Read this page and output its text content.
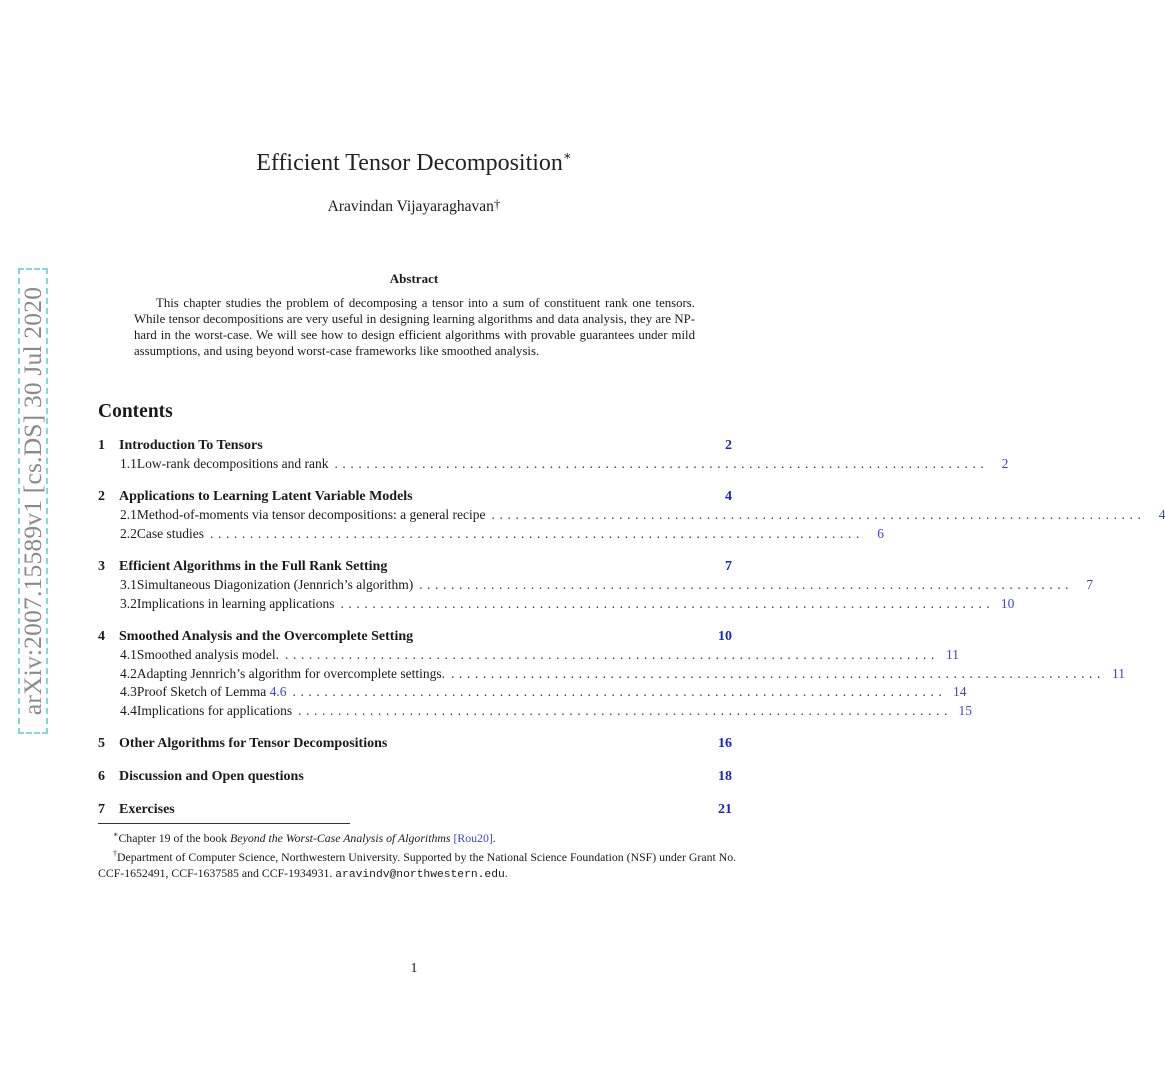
arXiv:2007.15589v1 [cs.DS] 30 Jul 2020
Efficient Tensor Decomposition∗
Aravindan Vijayaraghavan†
Abstract
This chapter studies the problem of decomposing a tensor into a sum of constituent rank one tensors. While tensor decompositions are very useful in designing learning algorithms and data analysis, they are NP-hard in the worst-case. We will see how to design efficient algorithms with provable guarantees under mild assumptions, and using beyond worst-case frameworks like smoothed analysis.
Contents
1	Introduction To Tensors	2
1.1 Low-rank decompositions and rank .................................................................................. 2
2	Applications to Learning Latent Variable Models	4
2.1 Method-of-moments via tensor decompositions: a general recipe .................................................................................. 4
2.2 Case studies .................................................................................. 6
3	Efficient Algorithms in the Full Rank Setting	7
3.1 Simultaneous Diagonization (Jennrich’s algorithm) .................................................................................. 7
3.2 Implications in learning applications .................................................................................. 10
4	Smoothed Analysis and the Overcomplete Setting	10
4.1 Smoothed analysis model. .................................................................................. 11
4.2 Adapting Jennrich’s algorithm for overcomplete settings. .................................................................................. 11
4.3 Proof Sketch of Lemma 4.6 .................................................................................. 14
4.4 Implications for applications .................................................................................. 15
5	Other Algorithms for Tensor Decompositions	16
6	Discussion and Open questions	18
7	Exercises	21
∗Chapter 19 of the book Beyond the Worst-Case Analysis of Algorithms [Rou20].
†Department of Computer Science, Northwestern University. Supported by the National Science Foundation (NSF) under Grant No. CCF-1652491, CCF-1637585 and CCF-1934931. aravindv@northwestern.edu.
1
